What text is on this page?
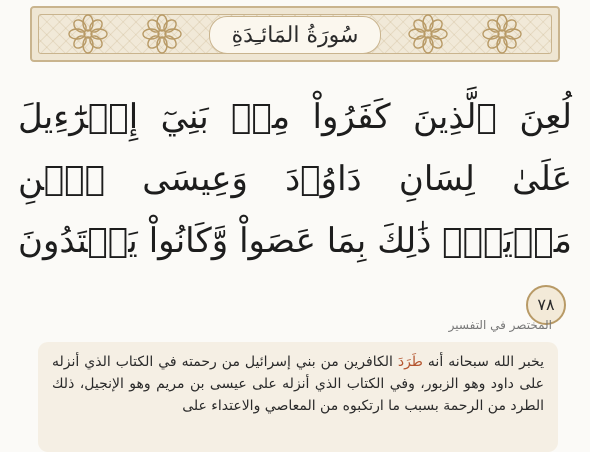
سُورَةُ المَائـِدَةِ
لُعِنَ ٱلَّذِينَ كَفَرُواْ مِنۢ بَنِيٓ إِسۡرَٰٓءِيلَ عَلَىٰ لِسَانِ دَاوُۥدَ وَعِيسَى ٱبۡنِ مَرۡيَمَۚ ذَٰلِكَ بِمَا عَصَواْ وَّكَانُواْ يَعۡتَدُونَ
٧٨
المختصر في التفسير
يخبر الله سبحانه أنه طَرَدَ الكافرين من بني إسرائيل من رحمته في الكتاب الذي أنزله على داود وهو الزبور، وفي الكتاب الذي أنزله على عيسى بن مريم وهو الإنجيل، ذلك الطرد من الرحمة بسبب ما ارتكبوه من المعاصي والاعتداء على
